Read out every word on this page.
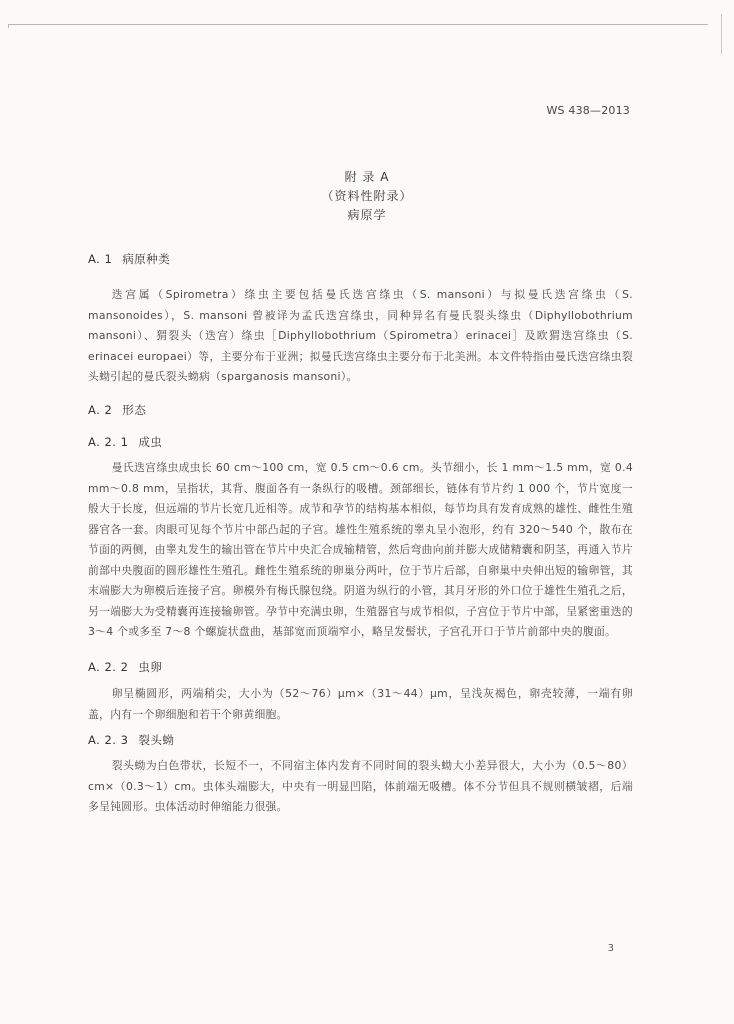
WS 438—2013
附 录 A
（资料性附录）
病原学
A. 1 病原种类
迭宫属（Spirometra）绦虫主要包括曼氏迭宫绦虫（S. mansoni）与拟曼氏迭宫绦虫（S. mansonoides），S. mansoni 曾被译为孟氏迭宫绦虫，同种异名有曼氏裂头绦虫（Diphyllobothrium mansoni）、猬裂头（迭宫）绦虫［Diphyllobothrium（Spirometra）erinacei］及欧猬迭宫绦虫（S. erinacei europaei）等，主要分布于亚洲；拟曼氏迭宫绦虫主要分布于北美洲。本文件特指由曼氏迭宫绦虫裂头蚴引起的曼氏裂头蚴病（sparganosis mansoni）。
A. 2 形态
A. 2. 1 成虫
曼氏迭宫绦虫成虫长 60 cm～100 cm，宽 0.5 cm～0.6 cm。头节细小，长 1 mm～1.5 mm，宽 0.4 mm～0.8 mm，呈指状，其背、腹面各有一条纵行的吸槽。颈部细长，链体有节片约 1 000 个，节片宽度一般大于长度，但远端的节片长宽几近相等。成节和孕节的结构基本相似，每节均具有发育成熟的雄性、雌性生殖器官各一套。肉眼可见每个节片中部凸起的子宫。雄性生殖系统的睾丸呈小泡形，约有 320～540 个，散布在节面的两侧，由睾丸发生的输出管在节片中央汇合成输精管，然后弯曲向前并膨大成储精囊和阴茎，再通入节片前部中央腹面的圆形雄性生殖孔。雌性生殖系统的卵巢分两叶，位于节片后部，自卵巢中央伸出短的输卵管，其末端膨大为卵模后连接子宫。卵模外有梅氏腺包绕。阴道为纵行的小管，其月牙形的外口位于雄性生殖孔之后，另一端膨大为受精囊再连接输卵管。孕节中充满虫卵，生殖器官与成节相似，子宫位于节片中部，呈紧密重迭的 3～4 个或多至 7～8 个螺旋状盘曲，基部宽而顶端窄小，略呈发髻状，子宫孔开口于节片前部中央的腹面。
A. 2. 2 虫卵
卵呈椭圆形，两端稍尖，大小为（52～76）μm×（31～44）μm，呈浅灰褐色，卵壳较薄，一端有卵盖，内有一个卵细胞和若干个卵黄细胞。
A. 2. 3 裂头蚴
裂头蚴为白色带状，长短不一，不同宿主体内发育不同时间的裂头蚴大小差异很大，大小为（0.5～80）cm×（0.3～1）cm。虫体头端膨大，中央有一明显凹陷，体前端无吸槽。体不分节但具不规则横皱褶，后端多呈钝圆形。虫体活动时伸缩能力很强。
3
